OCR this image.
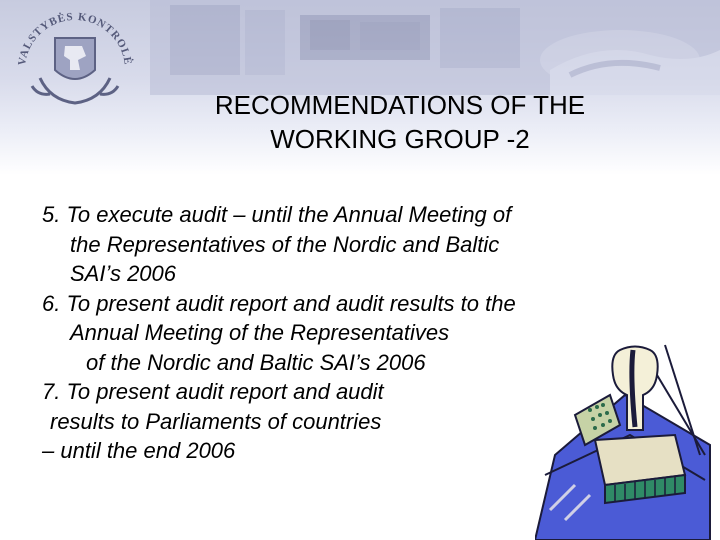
VALSTYBĖS KONTROLĖ
RECOMMENDATIONS OF THE
WORKING GROUP -2
5. To execute audit – until the Annual Meeting of
the Representatives of the Nordic and Baltic
SAI’s 2006
6. To present audit report and audit results to the
Annual Meeting of the Representatives
of the Nordic and Baltic SAI’s 2006
7. To present audit report and audit
results to Parliaments of countries
– until the end 2006
